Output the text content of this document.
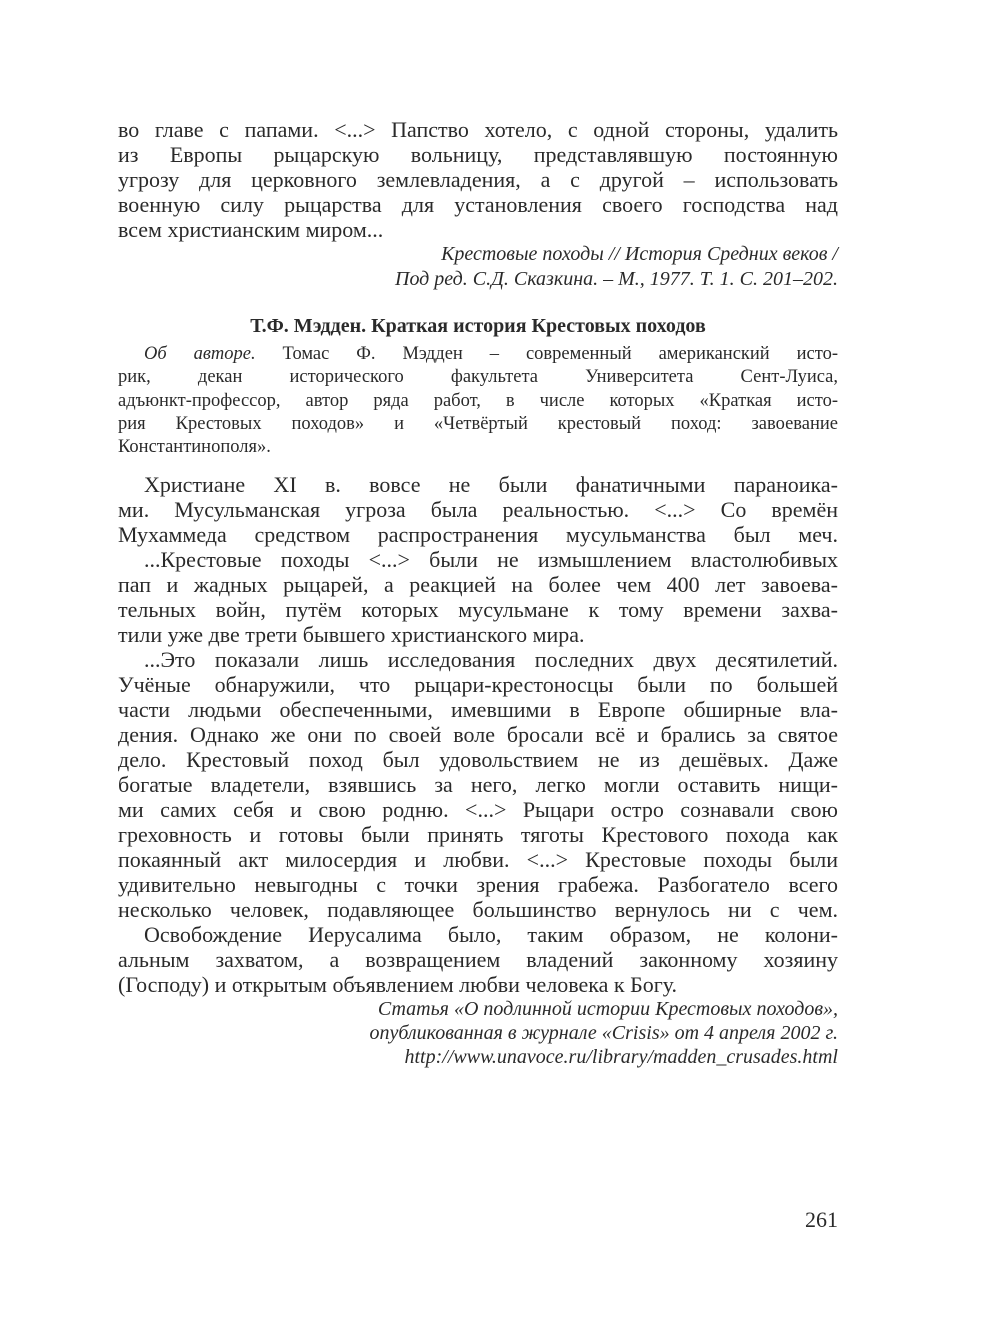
во главе с папами. <...> Папство хотело, с одной стороны, удалить
из Европы рыцарскую вольницу, представлявшую постоянную
угрозу для церковного землевладения, а с другой – использовать
военную силу рыцарства для установления своего господства над
всем христианским миром...
Крестовые походы // История Средних веков /
Под ред. С.Д. Сказкина. – М., 1977. Т. 1. С. 201–202.
Т.Ф. Мэдден. Краткая история Крестовых походов
Об авторе. Томас Ф. Мэдден – современный американский исто-
рик, декан исторического факультета Университета Сент-Луиса,
адъюнкт-профессор, автор ряда работ, в числе которых «Краткая исто-
рия Крестовых походов» и «Четвёртый крестовый поход: завоевание
Константинополя».
Христиане XI в. вовсе не были фанатичными параноика-
ми. Мусульманская угроза была реальностью. <...> Со времён
Мухаммеда средством распространения мусульманства был меч.
...Крестовые походы <...> были не измышлением властолюбивых
пап и жадных рыцарей, а реакцией на более чем 400 лет завоева-
тельных войн, путём которых мусульмане к тому времени захва-
тили уже две трети бывшего христианского мира.
...Это показали лишь исследования последних двух десятилетий.
Учёные обнаружили, что рыцари-крестоносцы были по большей
части людьми обеспеченными, имевшими в Европе обширные вла-
дения. Однако же они по своей воле бросали всё и брались за святое
дело. Крестовый поход был удовольствием не из дешёвых. Даже
богатые владетели, взявшись за него, легко могли оставить нищи-
ми самих себя и свою родню. <...> Рыцари остро сознавали свою
греховность и готовы были принять тяготы Крестового похода как
покаянный акт милосердия и любви. <...> Крестовые походы были
удивительно невыгодны с точки зрения грабежа. Разбогатело всего
несколько человек, подавляющее большинство вернулось ни с чем.
Освобождение Иерусалима было, таким образом, не колони-
альным захватом, а возвращением владений законному хозяину
(Господу) и открытым объявлением любви человека к Богу.
Статья «О подлинной истории Крестовых походов»,
опубликованная в журнале «Crisis» от 4 апреля 2002 г.
http://www.unavoce.ru/library/madden_crusades.html
261
